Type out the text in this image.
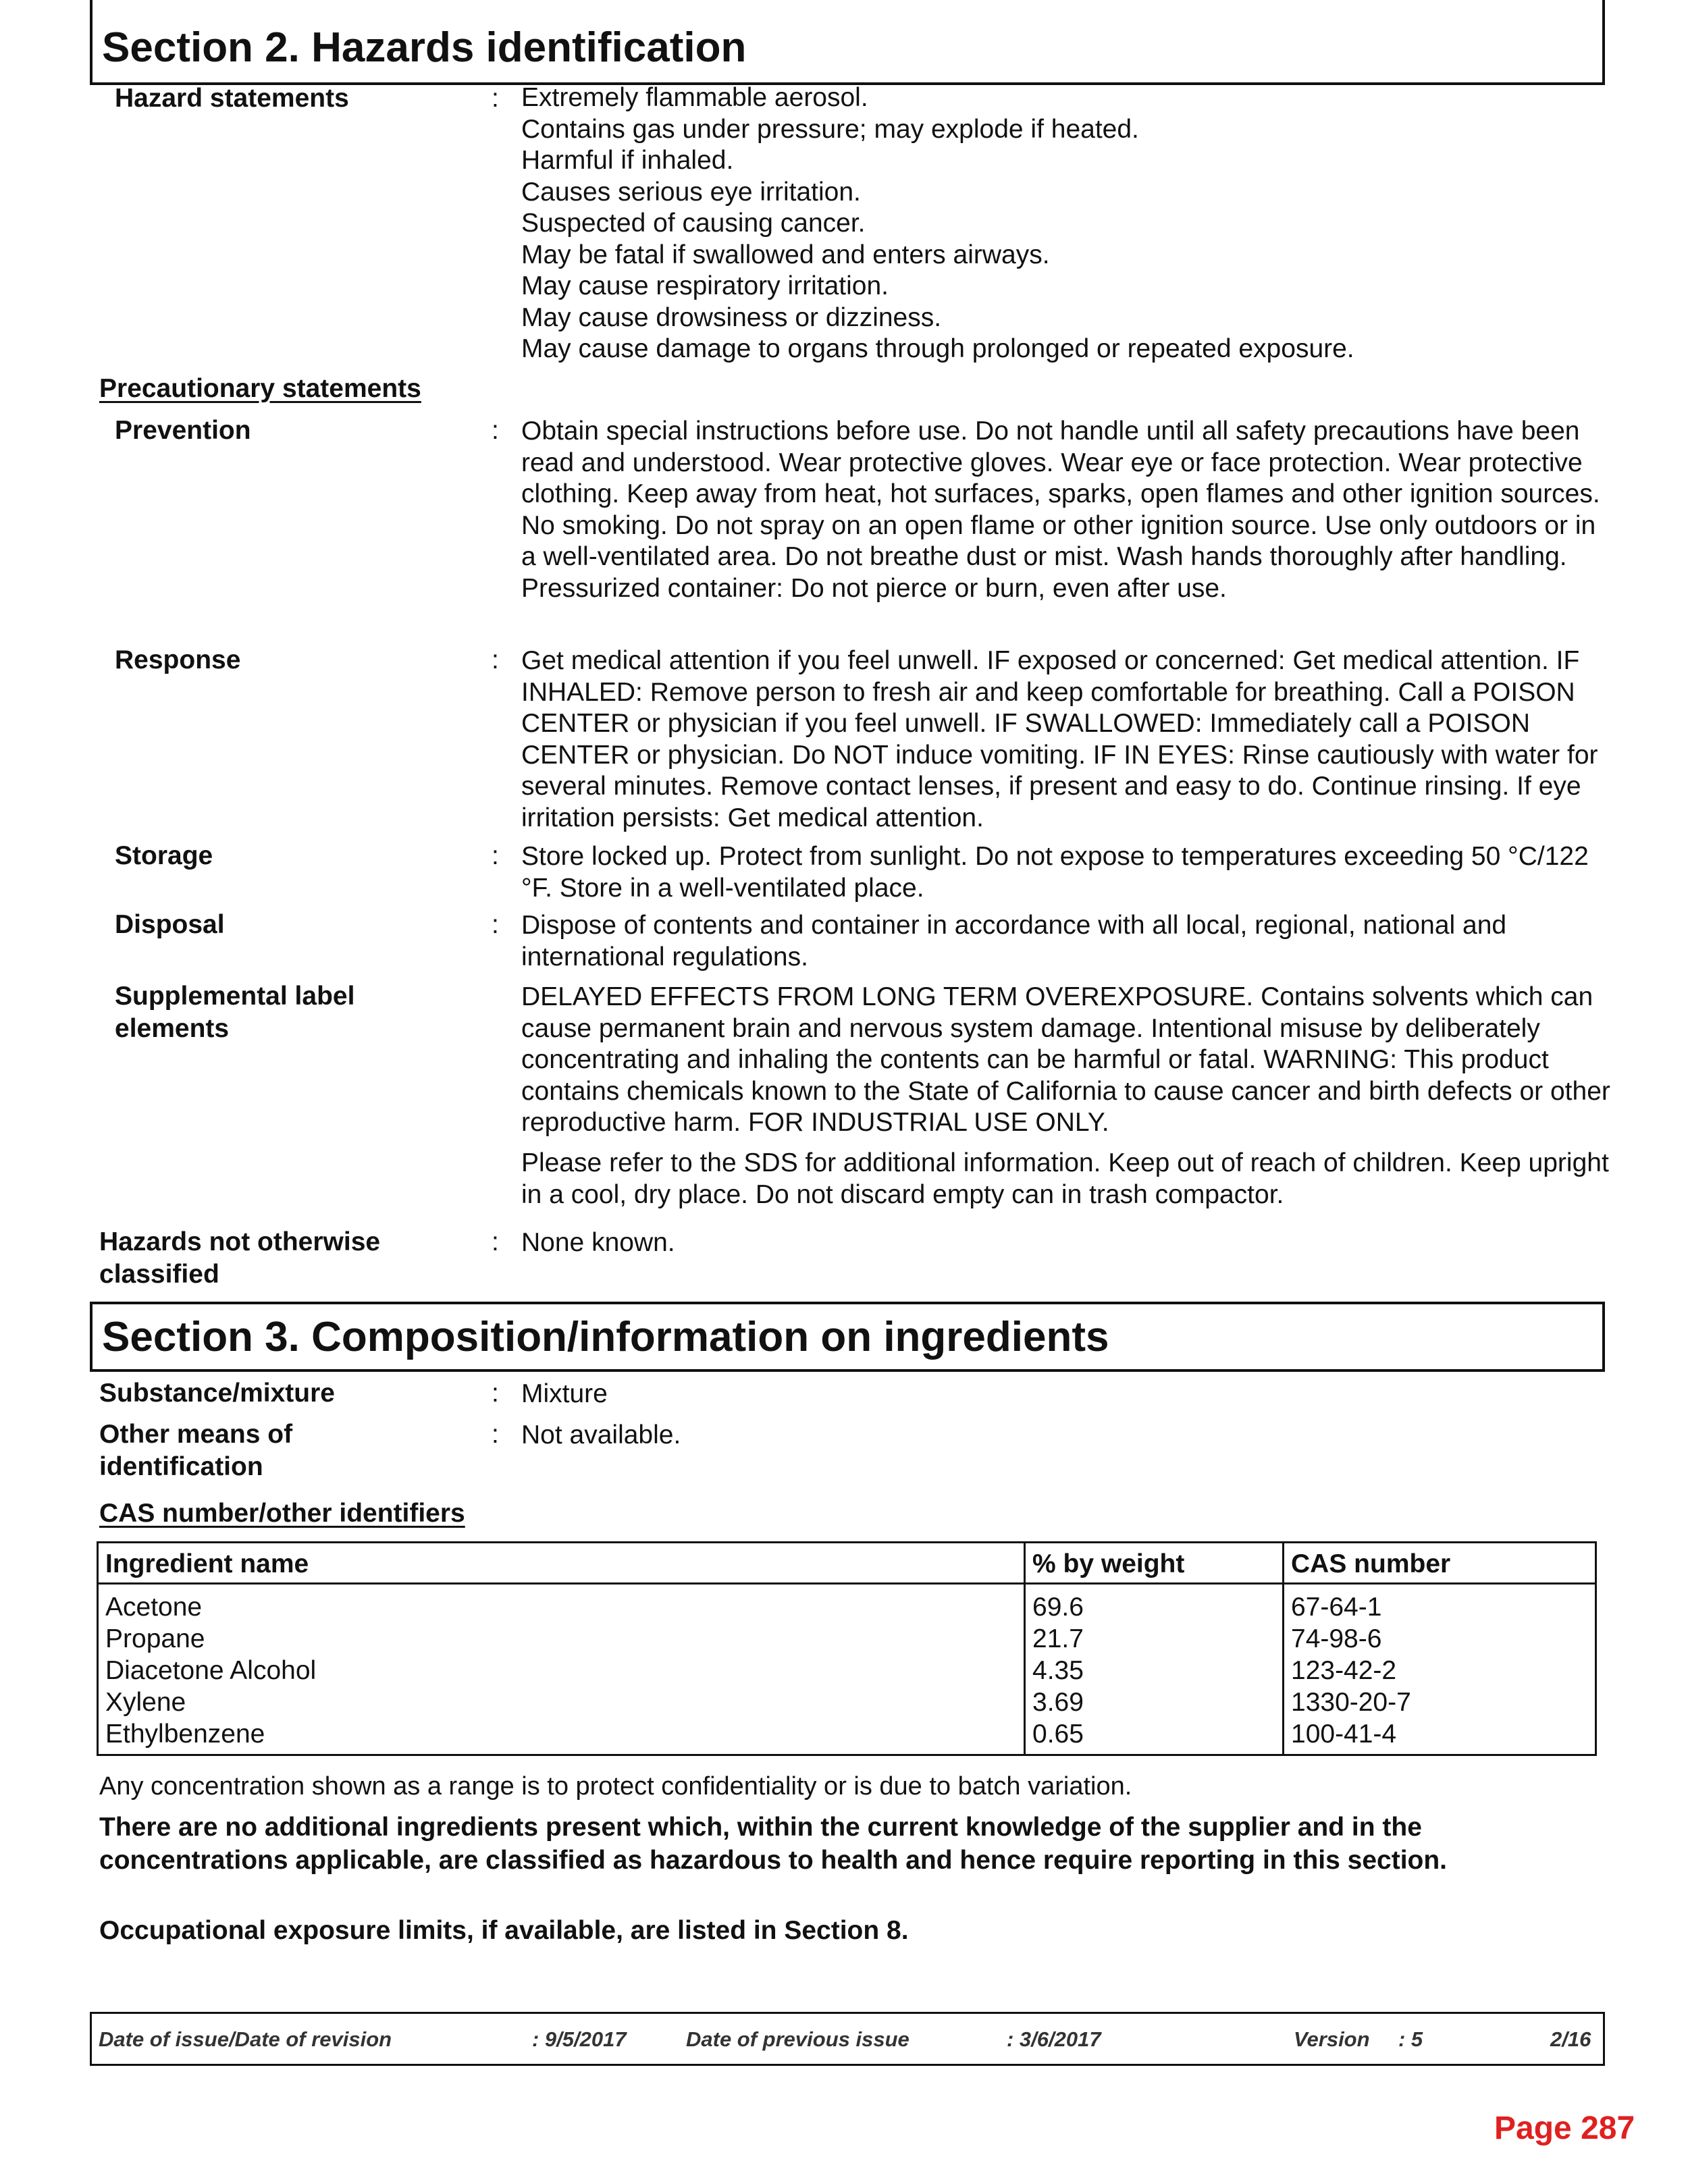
Section 2. Hazards identification
Hazard statements	: Extremely flammable aerosol.
Contains gas under pressure; may explode if heated.
Harmful if inhaled.
Causes serious eye irritation.
Suspected of causing cancer.
May be fatal if swallowed and enters airways.
May cause respiratory irritation.
May cause drowsiness or dizziness.
May cause damage to organs through prolonged or repeated exposure.
Precautionary statements
Prevention	: Obtain special instructions before use. Do not handle until all safety precautions have been read and understood. Wear protective gloves. Wear eye or face protection. Wear protective clothing. Keep away from heat, hot surfaces, sparks, open flames and other ignition sources. No smoking. Do not spray on an open flame or other ignition source. Use only outdoors or in a well-ventilated area. Do not breathe dust or mist. Wash hands thoroughly after handling. Pressurized container: Do not pierce or burn, even after use.
Response	: Get medical attention if you feel unwell. IF exposed or concerned: Get medical attention. IF INHALED: Remove person to fresh air and keep comfortable for breathing. Call a POISON CENTER or physician if you feel unwell. IF SWALLOWED: Immediately call a POISON CENTER or physician. Do NOT induce vomiting. IF IN EYES: Rinse cautiously with water for several minutes. Remove contact lenses, if present and easy to do. Continue rinsing. If eye irritation persists: Get medical attention.
Storage	: Store locked up. Protect from sunlight. Do not expose to temperatures exceeding 50 °C/122 °F. Store in a well-ventilated place.
Disposal	: Dispose of contents and container in accordance with all local, regional, national and international regulations.
Supplemental label elements
DELAYED EFFECTS FROM LONG TERM OVEREXPOSURE. Contains solvents which can cause permanent brain and nervous system damage. Intentional misuse by deliberately concentrating and inhaling the contents can be harmful or fatal. WARNING: This product contains chemicals known to the State of California to cause cancer and birth defects or other reproductive harm. FOR INDUSTRIAL USE ONLY.
Please refer to the SDS for additional information. Keep out of reach of children. Keep upright in a cool, dry place. Do not discard empty can in trash compactor.
Hazards not otherwise classified
: None known.
Section 3. Composition/information on ingredients
Substance/mixture	: Mixture
Other means of identification
: Not available.
CAS number/other identifiers
Ingredient name	% by weight	CAS number
Acetone	69.6	67-64-1
Propane	21.7	74-98-6
Diacetone Alcohol	4.35	123-42-2
Xylene	3.69	1330-20-7
Ethylbenzene	0.65	100-41-4
Any concentration shown as a range is to protect confidentiality or is due to batch variation.
There are no additional ingredients present which, within the current knowledge of the supplier and in the concentrations applicable, are classified as hazardous to health and hence require reporting in this section.
Occupational exposure limits, if available, are listed in Section 8.
Date of issue/Date of revision	: 9/5/2017	Date of previous issue	: 3/6/2017	Version : 5	2/16
Page 287
